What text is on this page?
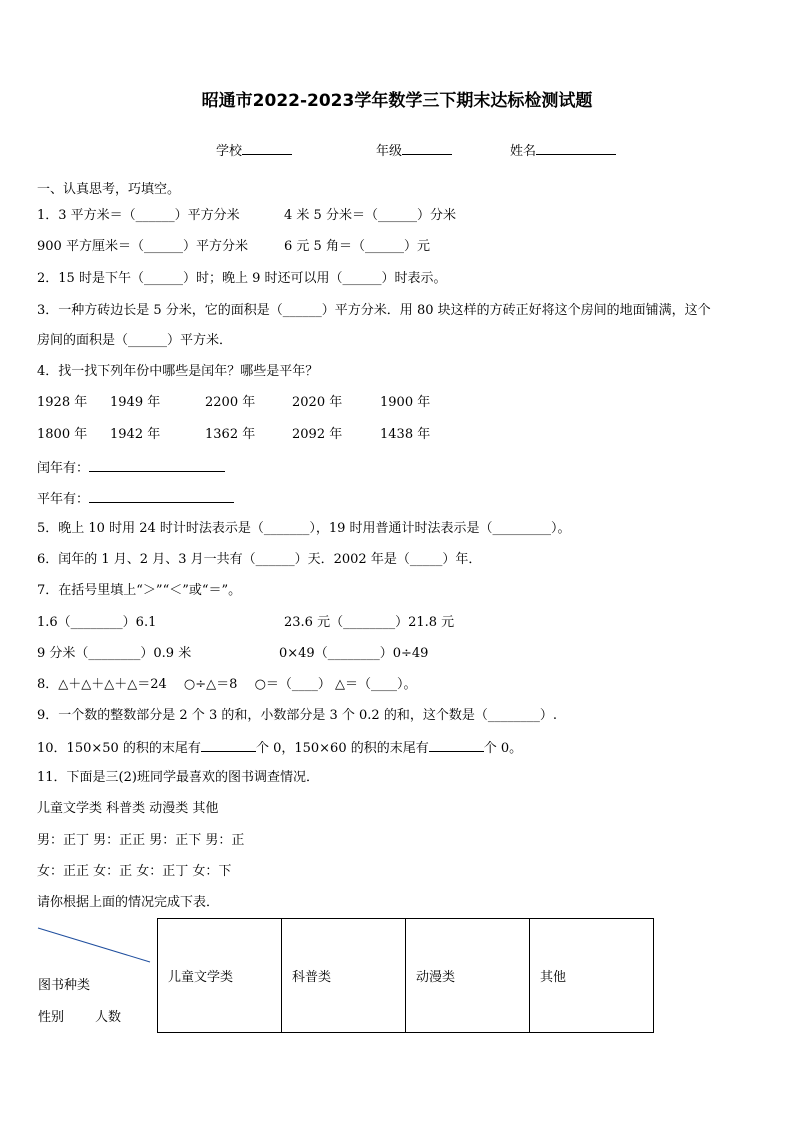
昭通市2022-2023学年数学三下期末达标检测试题
学校	年级	姓名
一、认真思考，巧填空。
1．3 平方米＝（______）平方分米	4 米 5 分米＝（______）分米
900 平方厘米＝（______）平方分米	6 元 5 角＝（______）元
2．15 时是下午（______）时；晚上 9 时还可以用（______）时表示。
3．一种方砖边长是 5 分米，它的面积是（______）平方分米．用 80 块这样的方砖正好将这个房间的地面铺满，这个
房间的面积是（______）平方米．
4．找一找下列年份中哪些是闰年？哪些是平年？
1928 年 1949 年	2200 年	2020 年	1900 年
1800 年 1942 年	1362 年	2092 年	1438 年
闰年有：
平年有：
5．晚上 10 时用 24 时计时法表示是（_______），19 时用普通计时法表示是（_________）。
6．闰年的 1 月、2 月、3 月一共有（______）天．2002 年是（_____）年．
7．在括号里填上“＞”“＜”或“＝”。
1.6（________）6.1	23.6 元（________）21.8 元
9 分米（________）0.9 米	0×49（________）0÷49
8．△＋△＋△＋△＝24　 ○÷△＝8　 ○＝（____） △＝（____）。
9．一个数的整数部分是 2 个 3 的和，小数部分是 3 个 0.2 的和，这个数是（________）.
10．150×50 的积的末尾有	个 0，150×60 的积的末尾有	个 0。
11．下面是三(2)班同学最喜欢的图书调查情况．
儿童文学类 科普类 动漫类 其他
男：正丁 男：正正 男：正下 男：正
女：正正 女：正 女：正丁 女：下
请你根据上面的情况完成下表．
图书种类
性别 人数
儿童文学类	科普类	动漫类	其他
